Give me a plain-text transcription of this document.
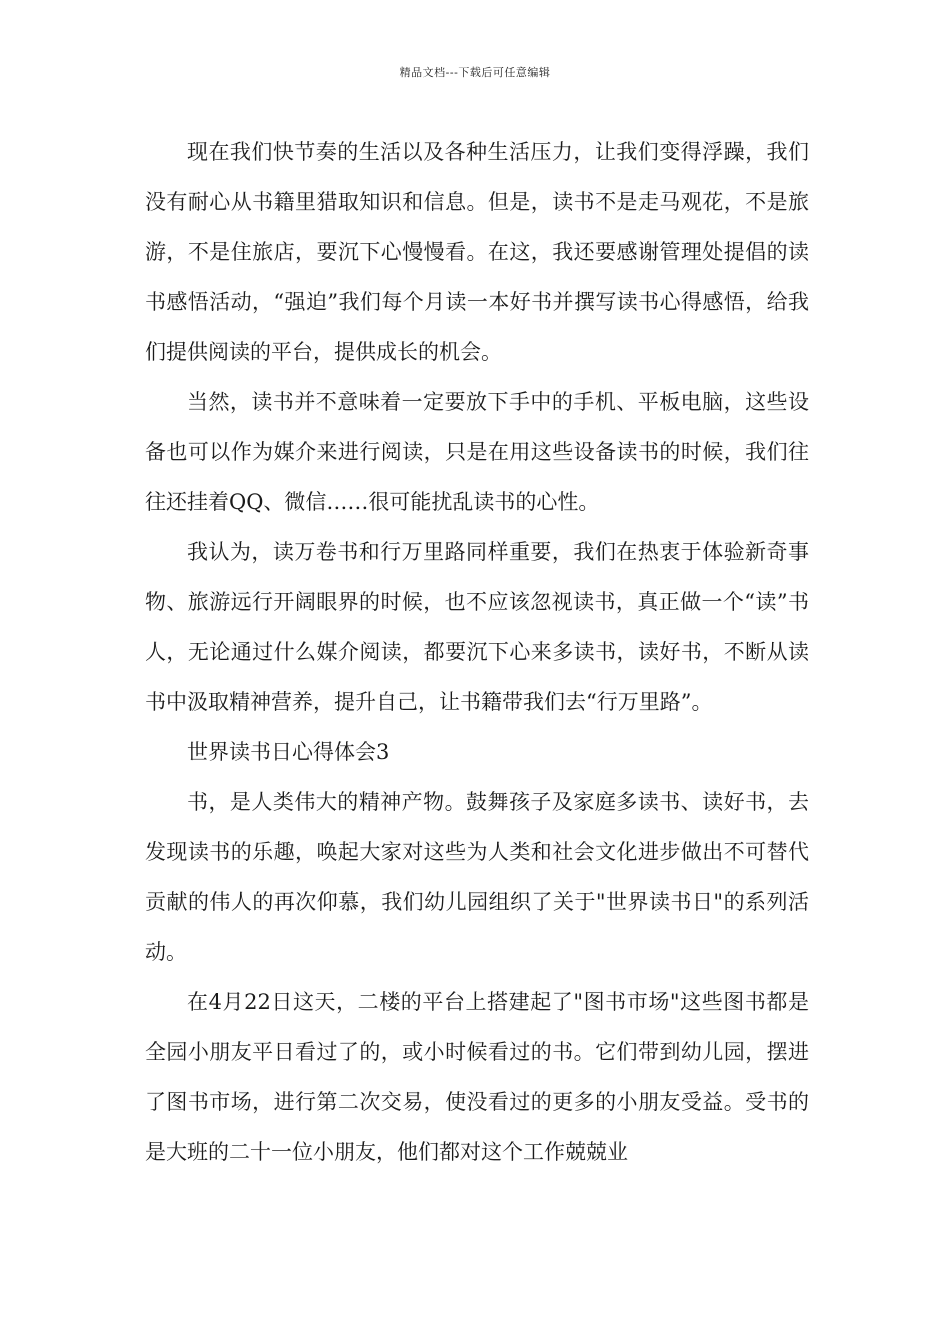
精品文档---下载后可任意编辑

现在我们快节奏的生活以及各种生活压力，让我们变得浮躁，我们没有耐心从书籍里猎取知识和信息。但是，读书不是走马观花，不是旅游，不是住旅店，要沉下心慢慢看。在这，我还要感谢管理处提倡的读书感悟活动，“强迫”我们每个月读一本好书并撰写读书心得感悟，给我们提供阅读的平台，提供成长的机会。

当然，读书并不意味着一定要放下手中的手机、平板电脑，这些设备也可以作为媒介来进行阅读，只是在用这些设备读书的时候，我们往往还挂着QQ、微信……很可能扰乱读书的心性。

我认为，读万卷书和行万里路同样重要，我们在热衷于体验新奇事物、旅游远行开阔眼界的时候，也不应该忽视读书，真正做一个“读”书人，无论通过什么媒介阅读，都要沉下心来多读书，读好书，不断从读书中汲取精神营养，提升自己，让书籍带我们去“行万里路”。

世界读书日心得体会3

书，是人类伟大的精神产物。鼓舞孩子及家庭多读书、读好书，去发现读书的乐趣，唤起大家对这些为人类和社会文化进步做出不可替代贡献的伟人的再次仰慕，我们幼儿园组织了关于"世界读书日"的系列活动。

在4月22日这天，二楼的平台上搭建起了"图书市场"这些图书都是全园小朋友平日看过了的，或小时候看过的书。它们带到幼儿园，摆进了图书市场，进行第二次交易，使没看过的更多的小朋友受益。受书的是大班的二十一位小朋友，他们都对这个工作兢兢业
